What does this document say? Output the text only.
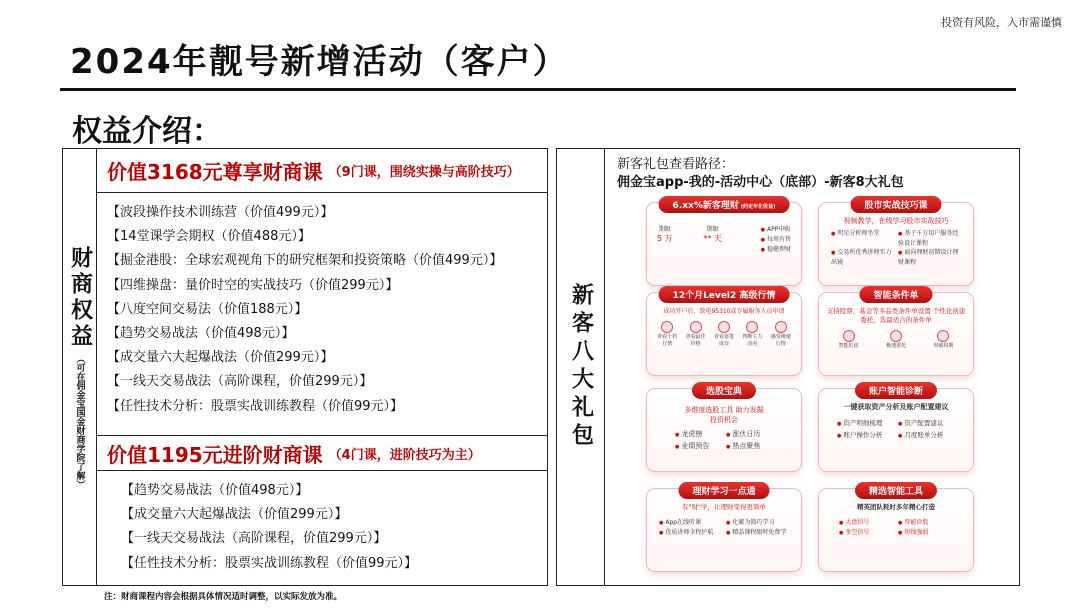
投资有风险，入市需谨慎
2024年靓号新增活动（客户）
权益介绍：
财商权益
（可在佣金宝国金财商学院了解）
价值3168元尊享财商课 （9门课，围绕实操与高阶技巧）
【波段操作技术训练营（价值499元）】
【14堂课学会期权（价值488元）】
【掘金港股：全球宏观视角下的研究框架和投资策略（价值499元）】
【四维操盘：量价时空的实战技巧（价值299元）】
【八度空间交易法（价值188元）】
【趋势交易战法（价值498元）】
【成交量六大起爆战法（价值299元）】
【一线天交易战法（高阶课程，价值299元）】
【任性技术分析：股票实战训练教程（价值99元）】
价值1195元进阶财商课 （4门课，进阶技巧为主）
【趋势交易战法（价值498元）】
【成交量六大起爆战法（价值299元）】
【一线天交易战法（高阶课程，价值299元）】
【任性技术分析：股票实战训练教程（价值99元）】
新客八大礼包
新客礼包查看路径：
佣金宝app-我的-活动中心（底部）-新客8大礼包
6.xx%新客理财 (约定年化收益)
期限
5 万
期限
** 天
● APP申购
● 每周有售
● 稳健理财
股市实战技巧课
视频教学，在线学习股市实战技巧
● 明星分析师坐堂	● 基于千万用户服务经验设计课程
● 交易所优秀讲师实力出镜
● 面向理财初期设计理财课程
12个月Level2 高级行情
成功开户后，致电95310或专属服务人员申请
查看十档行情
查看最佳价格
查看逐笔成交
判断主力动向
感受极速行情
智能条件单
支持股票、基金等多品类条件单设置 个性化创建委托，选最适合的条件单
智能盯盘	极速委托	突破周期
选股宝典
多维度选股工具 助力发掘投资机会
● 龙虎榜	● 涨伏日历
● 业绩预告	● 热点聚焦
账户智能诊断
一键获取资产分析及账户配置建议
● 资产明细梳理	● 资产配置建议
● 账户操作分析	● 月度账单分析
理财学习一点通
有"财"学，让理财变得更简单
● App在线听课	● 化繁为简巧学习
● 优质讲师全程护航	● 精品课程限时免费学
精选智能工具
精英团队耗时多年精心打造
● 大盘信号	● 智能诊股
● 多空信号	● 短线强弱
注：财商课程内容会根据具体情况适时调整，以实际发放为准。
